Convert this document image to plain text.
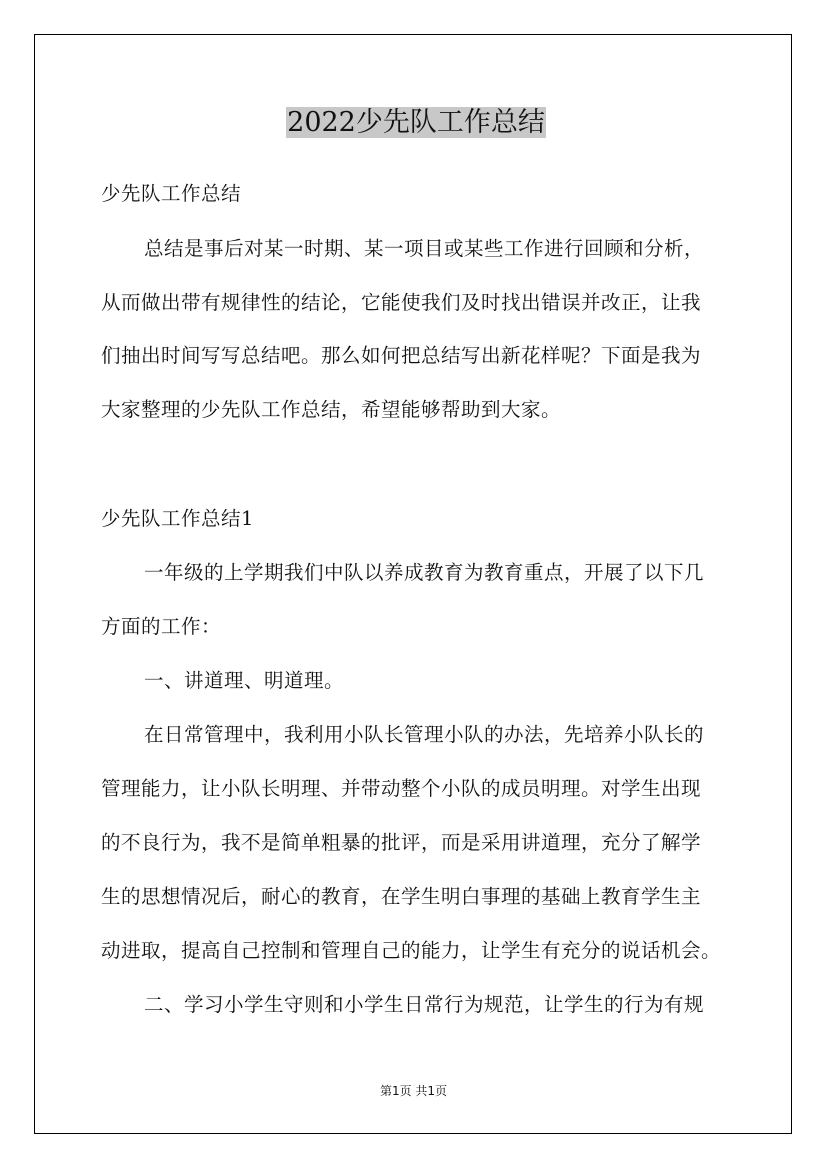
2022少先队工作总结
少先队工作总结
总结是事后对某一时期、某一项目或某些工作进行回顾和分析，
从而做出带有规律性的结论，它能使我们及时找出错误并改正，让我
们抽出时间写写总结吧。那么如何把总结写出新花样呢？下面是我为
大家整理的少先队工作总结，希望能够帮助到大家。
少先队工作总结1
一年级的上学期我们中队以养成教育为教育重点，开展了以下几
方面的工作：
一、讲道理、明道理。
在日常管理中，我利用小队长管理小队的办法，先培养小队长的
管理能力，让小队长明理、并带动整个小队的成员明理。对学生出现
的不良行为，我不是简单粗暴的批评，而是采用讲道理，充分了解学
生的思想情况后，耐心的教育，在学生明白事理的基础上教育学生主
动进取，提高自己控制和管理自己的能力，让学生有充分的说话机会。
二、学习小学生守则和小学生日常行为规范，让学生的行为有规
第1页 共1页
